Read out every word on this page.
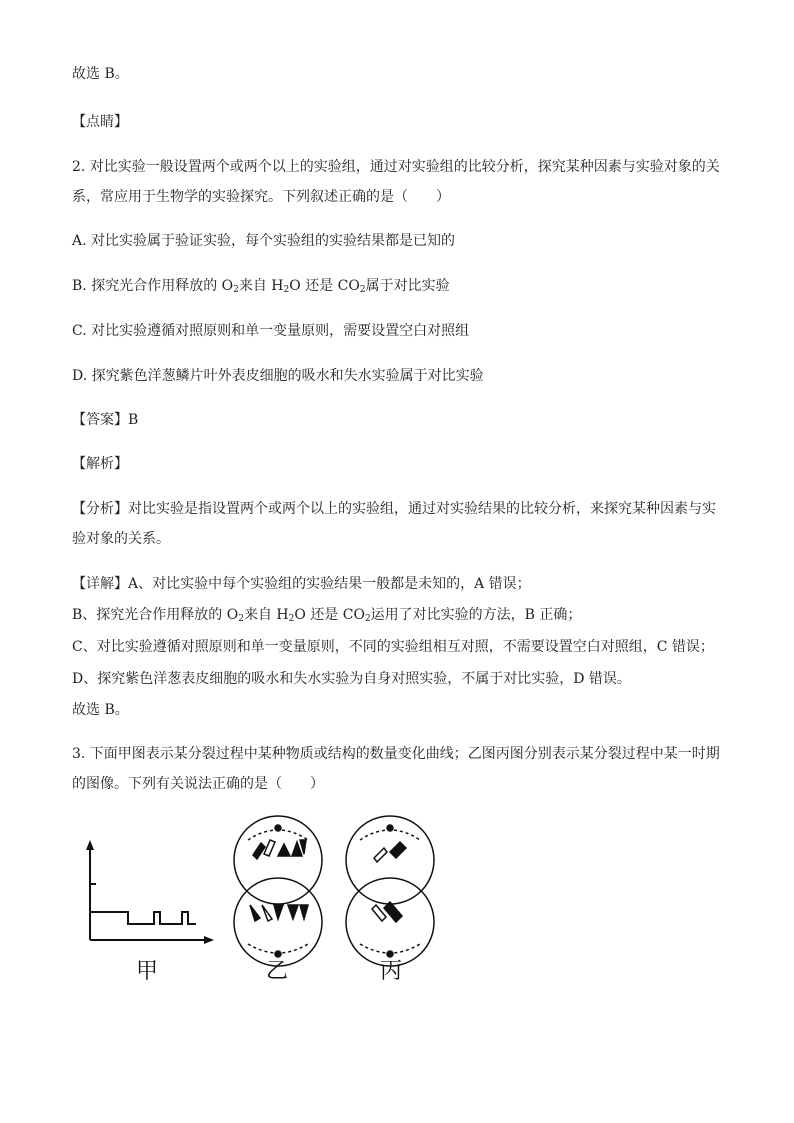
故选 B。
【点睛】
2. 对比实验一般设置两个或两个以上的实验组，通过对实验组的比较分析，探究某种因素与实验对象的关
系，常应用于生物学的实验探究。下列叙述正确的是（　　）
A. 对比实验属于验证实验，每个实验组的实验结果都是已知的
B. 探究光合作用释放的 $O_2$来自 $H_2O$ 还是 $CO_2$属于对比实验
C. 对比实验遵循对照原则和单一变量原则，需要设置空白对照组
D. 探究紫色洋葱鳞片叶外表皮细胞的吸水和失水实验属于对比实验
【答案】B
【解析】
【分析】对比实验是指设置两个或两个以上的实验组，通过对实验结果的比较分析，来探究某种因素与实
验对象的关系。
【详解】A、对比实验中每个实验组的实验结果一般都是未知的，A 错误；
B、探究光合作用释放的 $O_2$来自 $H_2O$ 还是 $CO_2$运用了对比实验的方法，B 正确；
C、对比实验遵循对照原则和单一变量原则，不同的实验组相互对照，不需要设置空白对照组，C 错误；
D、探究紫色洋葱表皮细胞的吸水和失水实验为自身对照实验，不属于对比实验，D 错误。
故选 B。
3. 下面甲图表示某分裂过程中某种物质或结构的数量变化曲线；乙图丙图分别表示某分裂过程中某一时期
的图像。下列有关说法正确的是（　　）
甲	乙	丙
